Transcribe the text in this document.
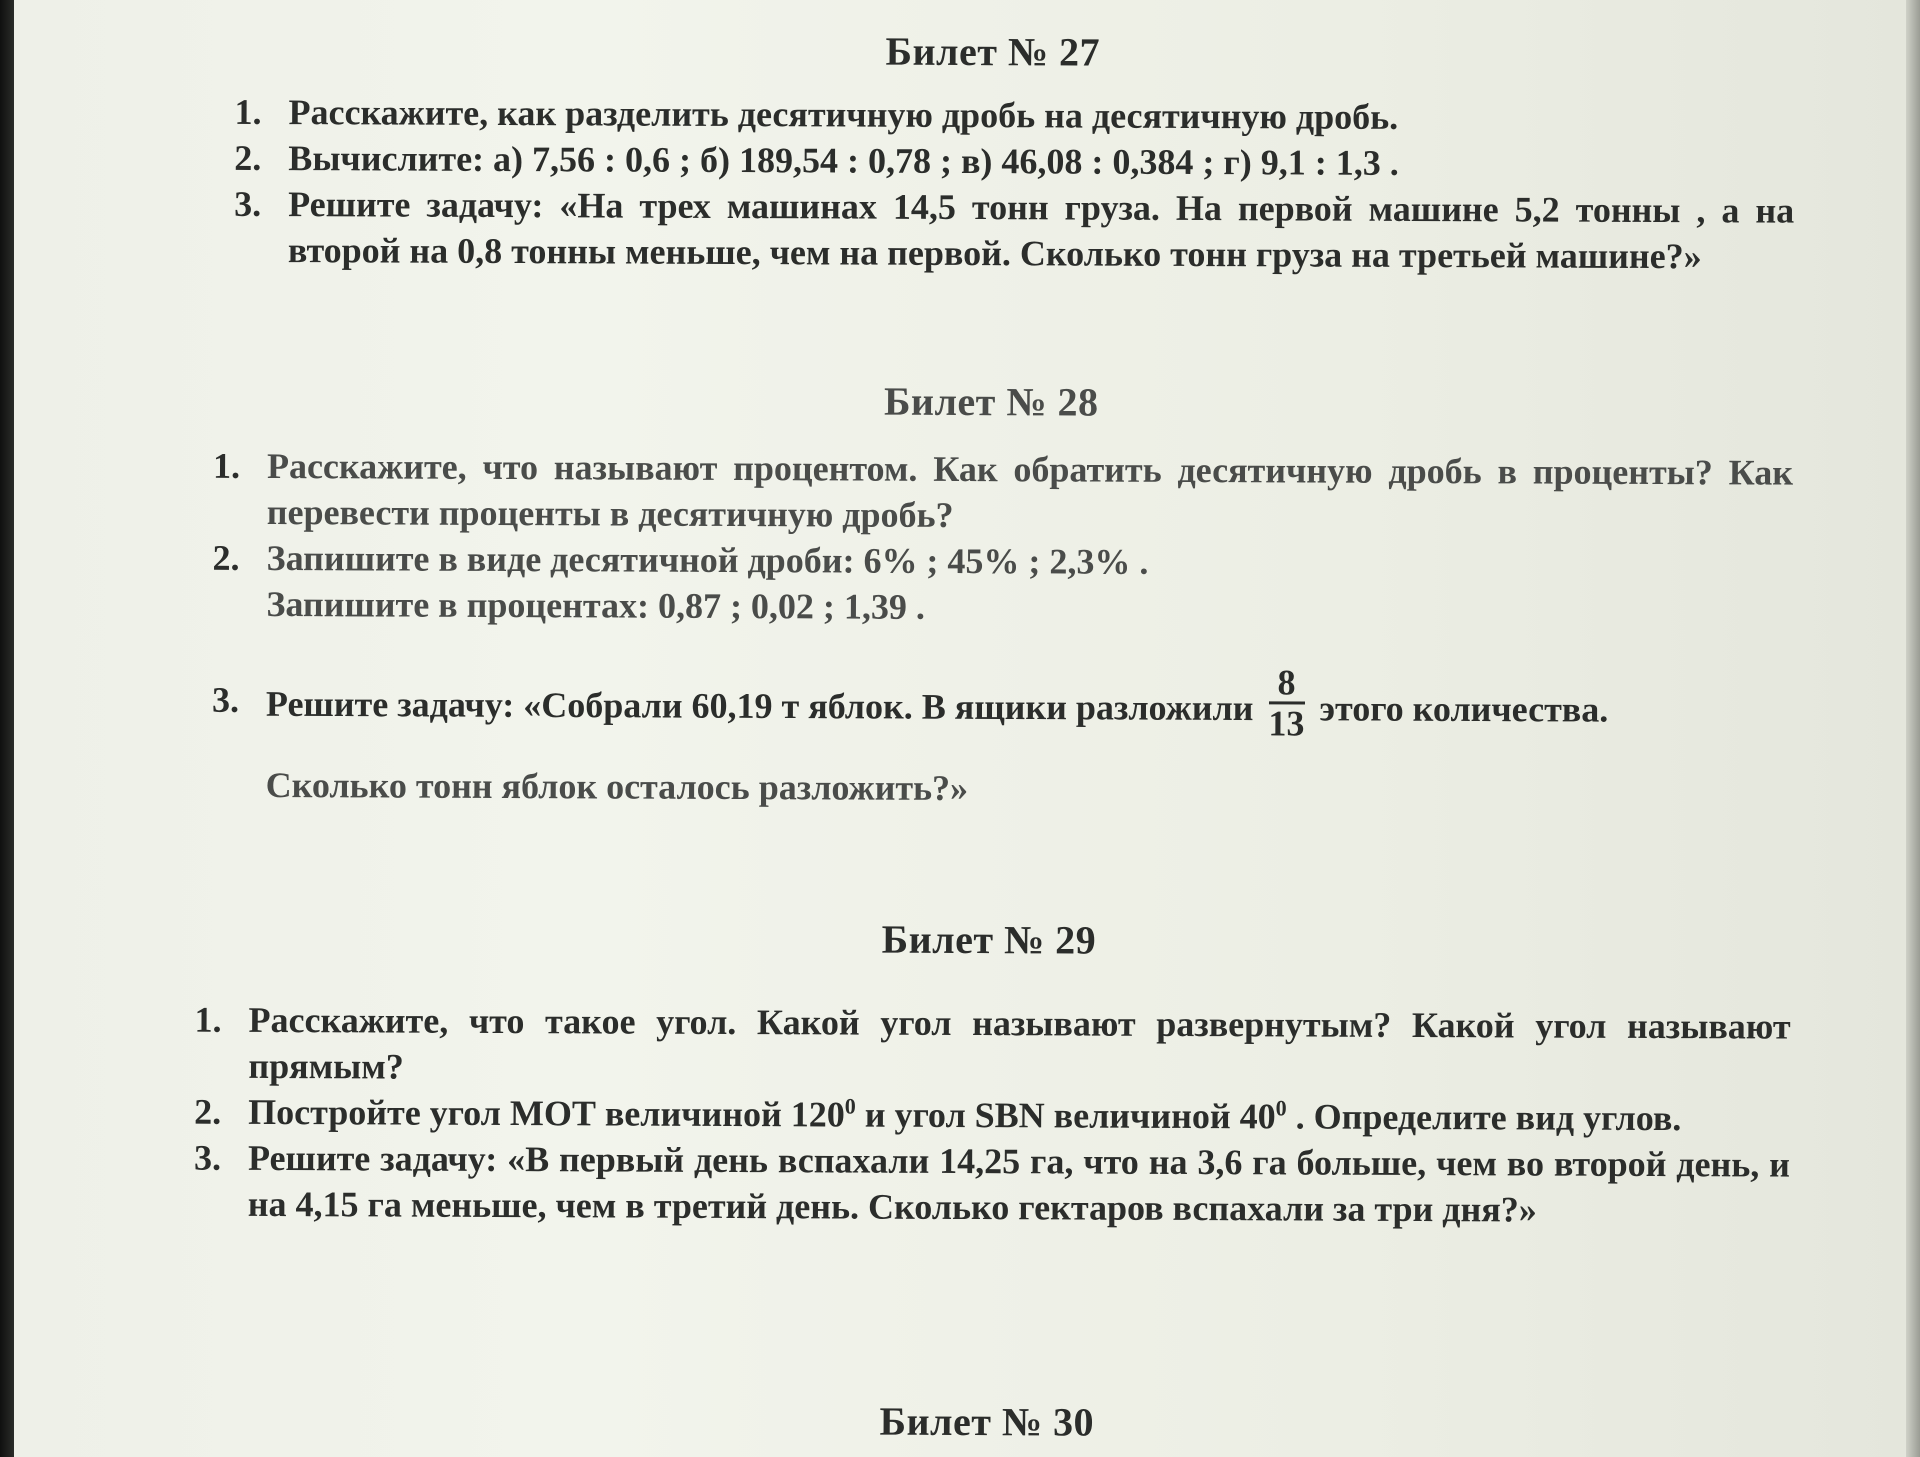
Билет № 27
1. Расскажите, как разделить десятичную дробь на десятичную дробь.
2. Вычислите: а) 7,56 : 0,6 ; б) 189,54 : 0,78 ; в) 46,08 : 0,384 ; г) 9,1 : 1,3 .
3. Решите задачу: «На трех машинах 14,5 тонн груза. На первой машине 5,2 тонны , а на второй на 0,8 тонны меньше, чем на первой. Сколько тонн груза на третьей машине?»
Билет № 28
1. Расскажите, что называют процентом. Как обратить десятичную дробь в проценты? Как перевести проценты в десятичную дробь?
2. Запишите в виде десятичной дроби: 6% ; 45% ; 2,3% .
Запишите в процентах: 0,87 ; 0,02 ; 1,39 .
3. Решите задачу: «Собрали 60,19 т яблок. В ящики разложили $\frac{8}{13}$ этого количества.
Сколько тонн яблок осталось разложить?»
Билет № 29
1. Расскажите, что такое угол. Какой угол называют развернутым? Какой угол называют прямым?
2. Постройте угол МОТ величиной $120^0$ и угол SBN величиной $40^0$ . Определите вид углов.
3. Решите задачу: «В первый день вспахали 14,25 га, что на 3,6 га больше, чем во второй день, и на 4,15 га меньше, чем в третий день. Сколько гектаров вспахали за три дня?»
Билет № 30
